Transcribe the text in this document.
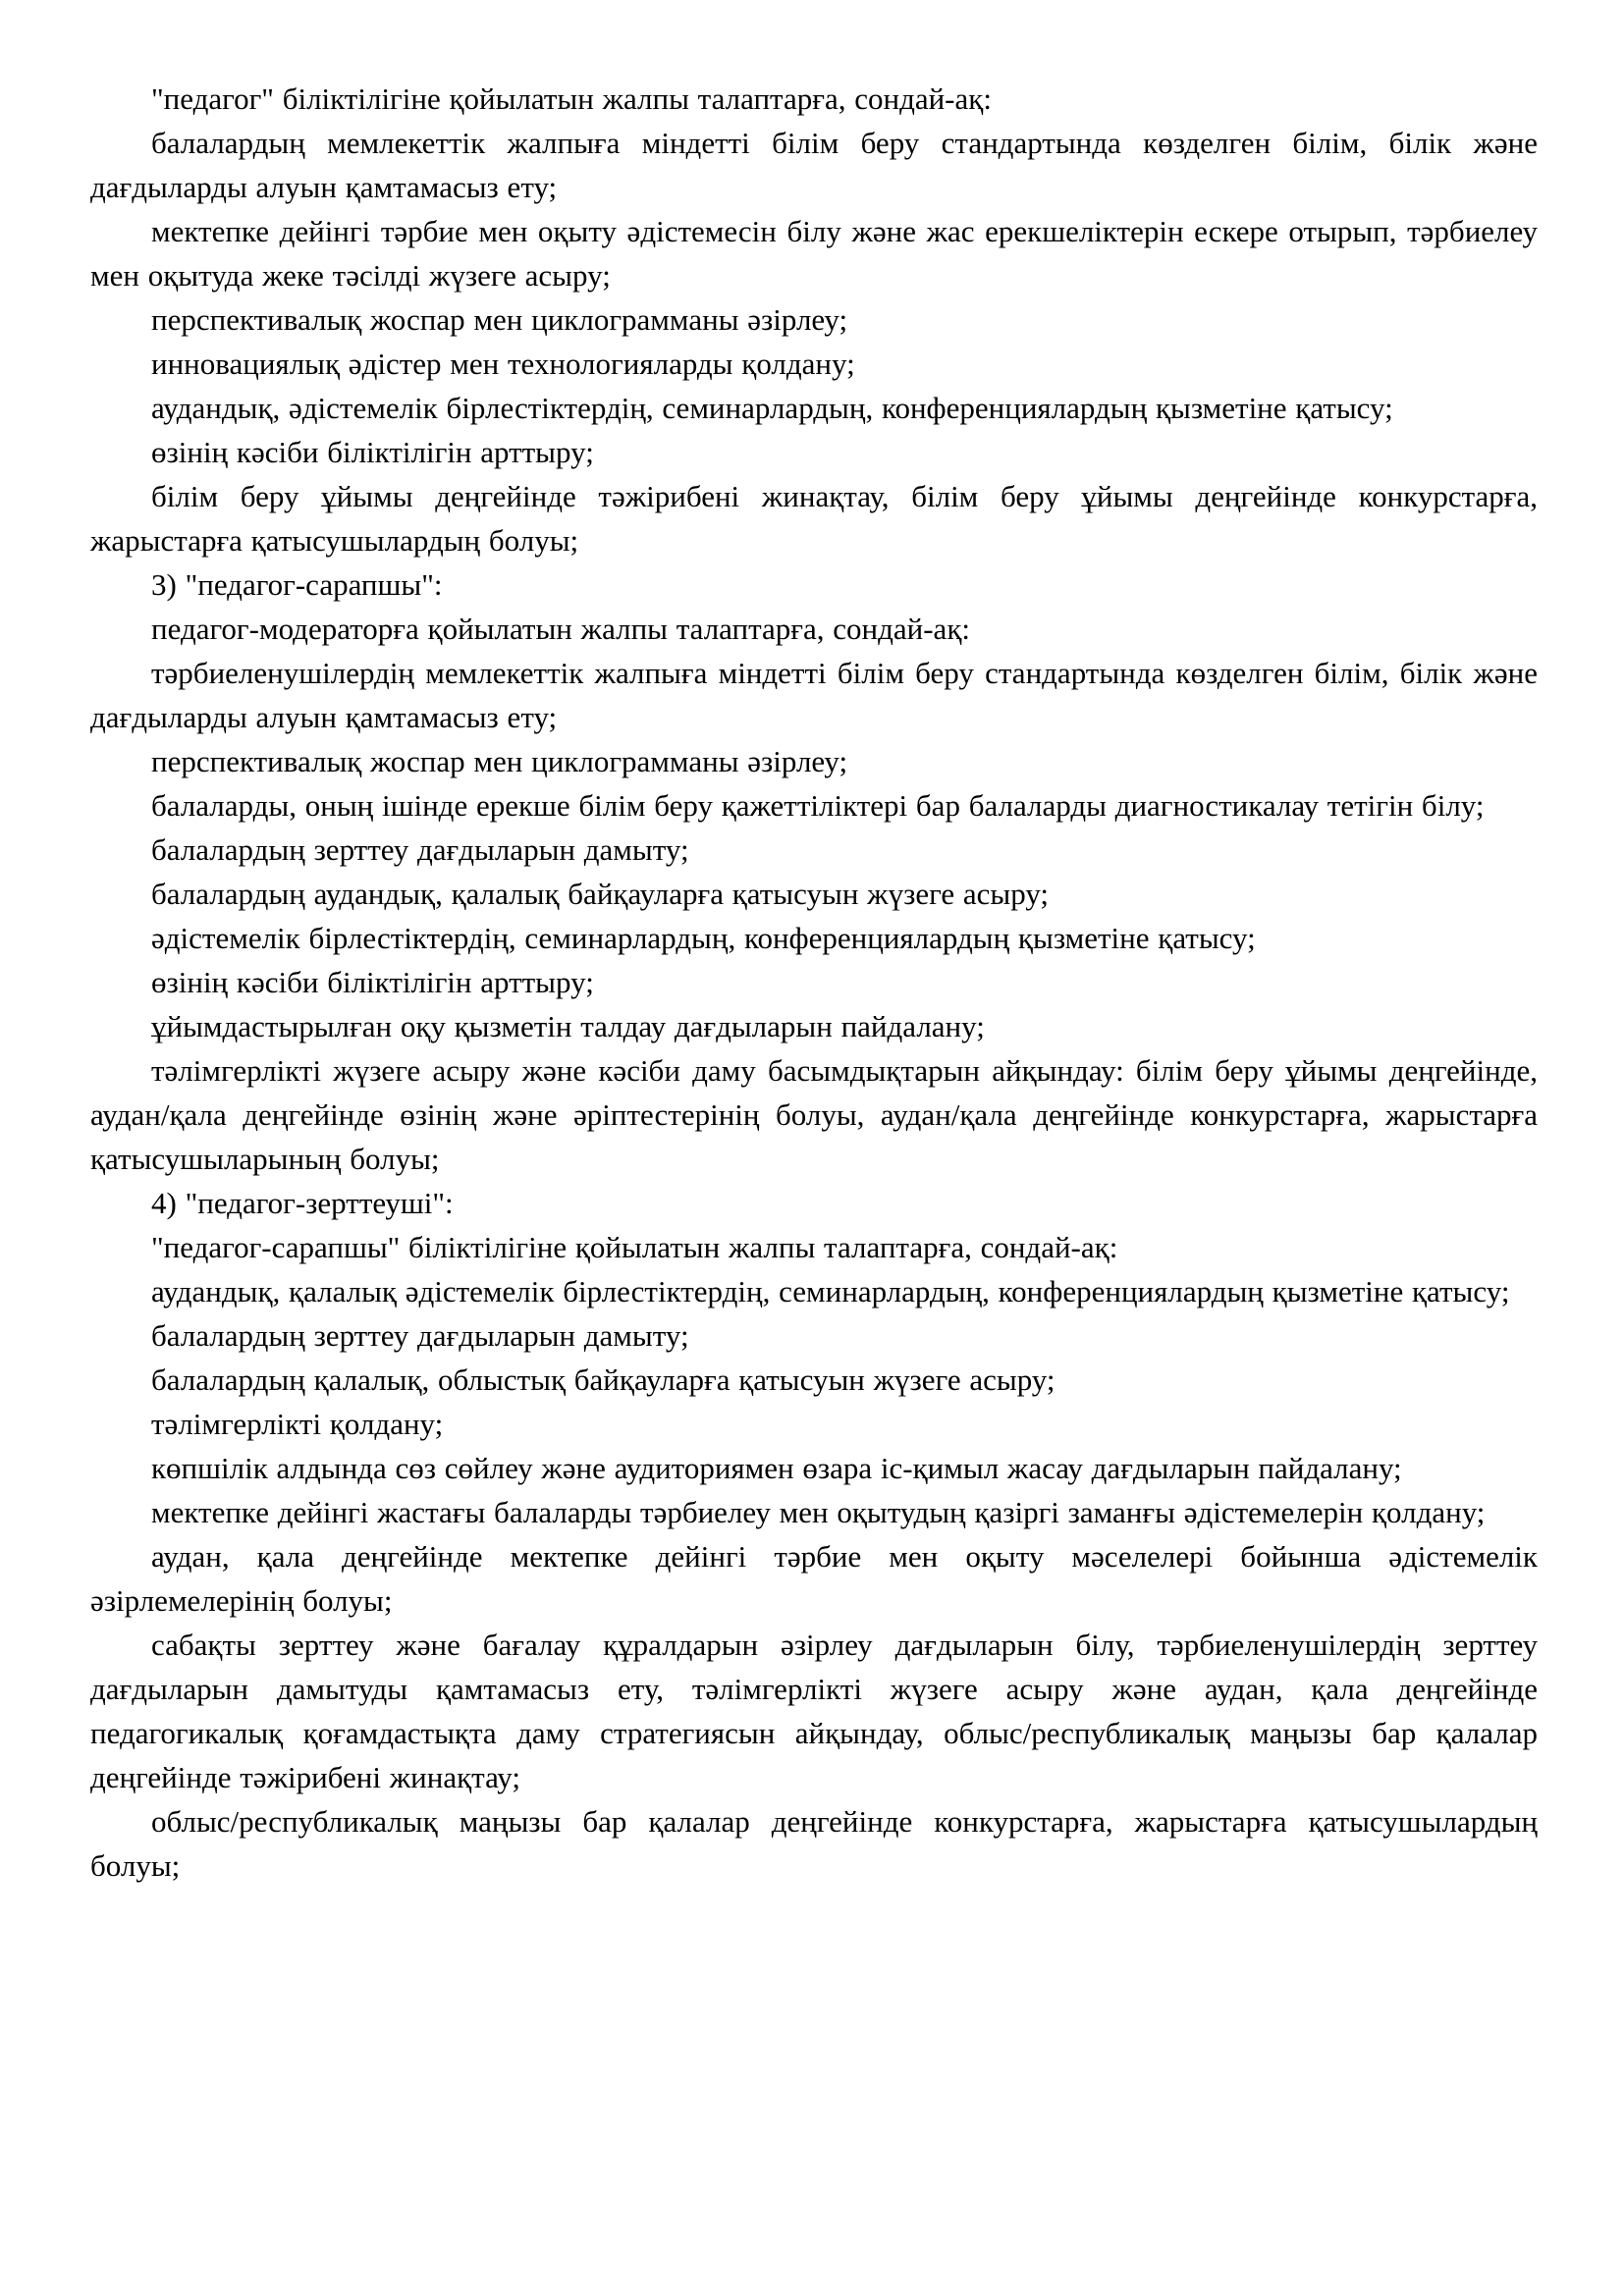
"педагог" біліктілігіне қойылатын жалпы талаптарға, сондай-ақ:

балалардың мемлекеттік жалпыға міндетті білім беру стандартында көзделген білім, білік және дағдыларды алуын қамтамасыз ету;

мектепке дейінгі тәрбие мен оқыту әдістемесін білу және жас ерекшеліктерін ескере отырып, тәрбиелеу мен оқытуда жеке тәсілді жүзеге асыру;

перспективалық жоспар мен циклограмманы әзірлеу;

инновациялық әдістер мен технологияларды қолдану;

аудандық, әдістемелік бірлестіктердің, семинарлардың, конференциялардың қызметіне қатысу;

өзінің кәсіби біліктілігін арттыру;

білім беру ұйымы деңгейінде тәжірибені жинақтау, білім беру ұйымы деңгейінде конкурстарға, жарыстарға қатысушылардың болуы;

3) "педагог-сарапшы":

педагог-модераторға қойылатын жалпы талаптарға, сондай-ақ:

тәрбиеленушілердің мемлекеттік жалпыға міндетті білім беру стандартында көзделген білім, білік және дағдыларды алуын қамтамасыз ету;

перспективалық жоспар мен циклограмманы әзірлеу;

балаларды, оның ішінде ерекше білім беру қажеттіліктері бар балаларды диагностикалау тетігін білу;

балалардың зерттеу дағдыларын дамыту;

балалардың аудандық, қалалық байқауларға қатысуын жүзеге асыру;

әдістемелік бірлестіктердің, семинарлардың, конференциялардың қызметіне қатысу;

өзінің кәсіби біліктілігін арттыру;

ұйымдастырылған оқу қызметін талдау дағдыларын пайдалану;

тәлімгерлікті жүзеге асыру және кәсіби даму басымдықтарын айқындау: білім беру ұйымы деңгейінде, аудан/қала деңгейінде өзінің және әріптестерінің болуы, аудан/қала деңгейінде конкурстарға, жарыстарға қатысушыларының болуы;

4) "педагог-зерттеуші":

"педагог-сарапшы" біліктілігіне қойылатын жалпы талаптарға, сондай-ақ:

аудандық, қалалық әдістемелік бірлестіктердің, семинарлардың, конференциялардың қызметіне қатысу;

балалардың зерттеу дағдыларын дамыту;

балалардың қалалық, облыстық байқауларға қатысуын жүзеге асыру;

тәлімгерлікті қолдану;

көпшілік алдында сөз сөйлеу және аудиториямен өзара іс-қимыл жасау дағдыларын пайдалану;

мектепке дейінгі жастағы балаларды тәрбиелеу мен оқытудың қазіргі заманғы әдістемелерін қолдану;

аудан, қала деңгейінде мектепке дейінгі тәрбие мен оқыту мәселелері бойынша әдістемелік әзірлемелерінің болуы;

сабақты зерттеу және бағалау құралдарын әзірлеу дағдыларын білу, тәрбиеленушілердің зерттеу дағдыларын дамытуды қамтамасыз ету, тәлімгерлікті жүзеге асыру және аудан, қала деңгейінде педагогикалық қоғамдастықта даму стратегиясын айқындау, облыс/республикалық маңызы бар қалалар деңгейінде тәжірибені жинақтау;

облыс/республикалық маңызы бар қалалар деңгейінде конкурстарға, жарыстарға қатысушылардың болуы;
